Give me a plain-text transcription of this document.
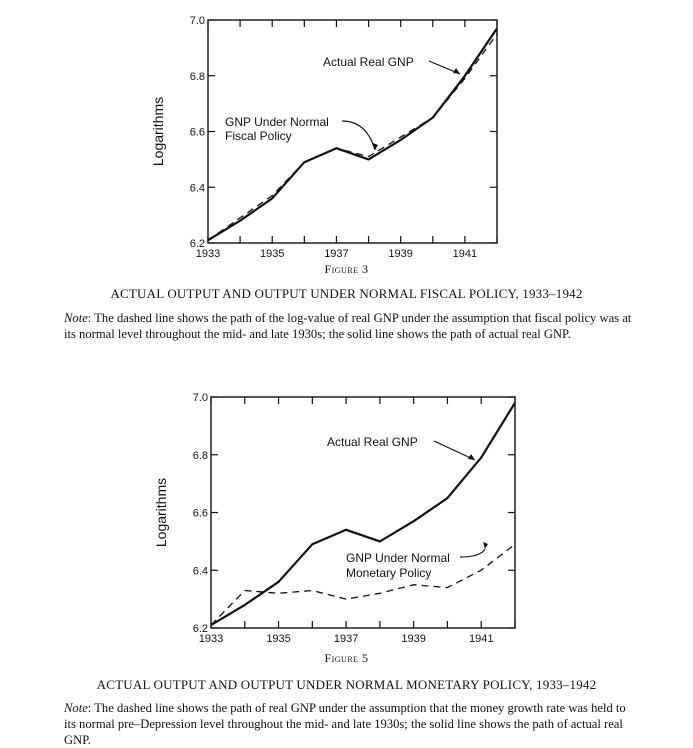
1933	1935	1937	1939	1941
6.2
6.4
6.6
6.8
7.0
Logarithms
Actual Real GNP
GNP Under Normal
Fiscal Policy
Figure 3
ACTUAL OUTPUT AND OUTPUT UNDER NORMAL FISCAL POLICY, 1933–1942
Note: The dashed line shows the path of the log-value of real GNP under the assumption that fiscal policy was at its normal level throughout the mid- and late 1930s; the solid line shows the path of actual real GNP.
1933	1935	1937	1939	1941
6.2
6.4
6.6
6.8
7.0
Logarithms
Actual Real GNP
GNP Under Normal
Monetary Policy
Figure 5
ACTUAL OUTPUT AND OUTPUT UNDER NORMAL MONETARY POLICY, 1933–1942
Note: The dashed line shows the path of real GNP under the assumption that the money growth rate was held to its normal pre–Depression level throughout the mid- and late 1930s; the solid line shows the path of actual real GNP.
